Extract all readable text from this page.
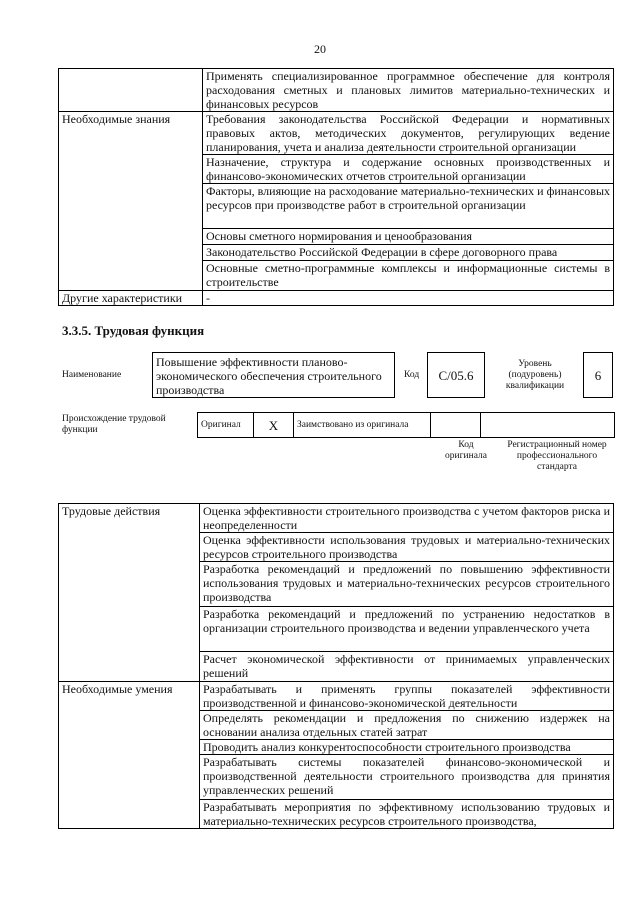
20
	Применять специализированное программное обеспечение для контроля расходования сметных и плановых лимитов материально-технических и финансовых ресурсов
Необходимые знания	Требования законодательства Российской Федерации и нормативных правовых актов, методических документов, регулирующих ведение планирования, учета и анализа деятельности строительной организации
	Назначение, структура и содержание основных производственных и финансово-экономических отчетов строительной организации
	Факторы, влияющие на расходование материально-технических и финансовых ресурсов при производстве работ в строительной организации
	Основы сметного нормирования и ценообразования
	Законодательство Российской Федерации в сфере договорного права
	Основные сметно-программные комплексы и информационные системы в строительстве
Другие характеристики	-
3.3.5. Трудовая функция
Наименование
Повышение эффективности планово-экономического обеспечения строительного производства
Код	С/05.6
Уровень (подуровень) квалификации
6
Происхождение трудовой функции
Оригинал	X	Заимствовано из оригинала		
Код оригинала
Регистрационный номер профессионального стандарта
Трудовые действия	Оценка эффективности строительного производства с учетом факторов риска и неопределенности
	Оценка эффективности использования трудовых и материально-технических ресурсов строительного производства
	Разработка рекомендаций и предложений по повышению эффективности использования трудовых и материально-технических ресурсов строительного производства
	Разработка рекомендаций и предложений по устранению недостатков в организации строительного производства и ведении управленческого учета
	Расчет экономической эффективности от принимаемых управленческих решений
Необходимые умения	Разрабатывать и применять группы показателей эффективности производственной и финансово-экономической деятельности
	Определять рекомендации и предложения по снижению издержек на основании анализа отдельных статей затрат
	Проводить анализ конкурентоспособности строительного производства
	Разрабатывать системы показателей финансово-экономической и производственной деятельности строительного производства для принятия управленческих решений
	Разрабатывать мероприятия по эффективному использованию трудовых и материально-технических ресурсов строительного производства,
